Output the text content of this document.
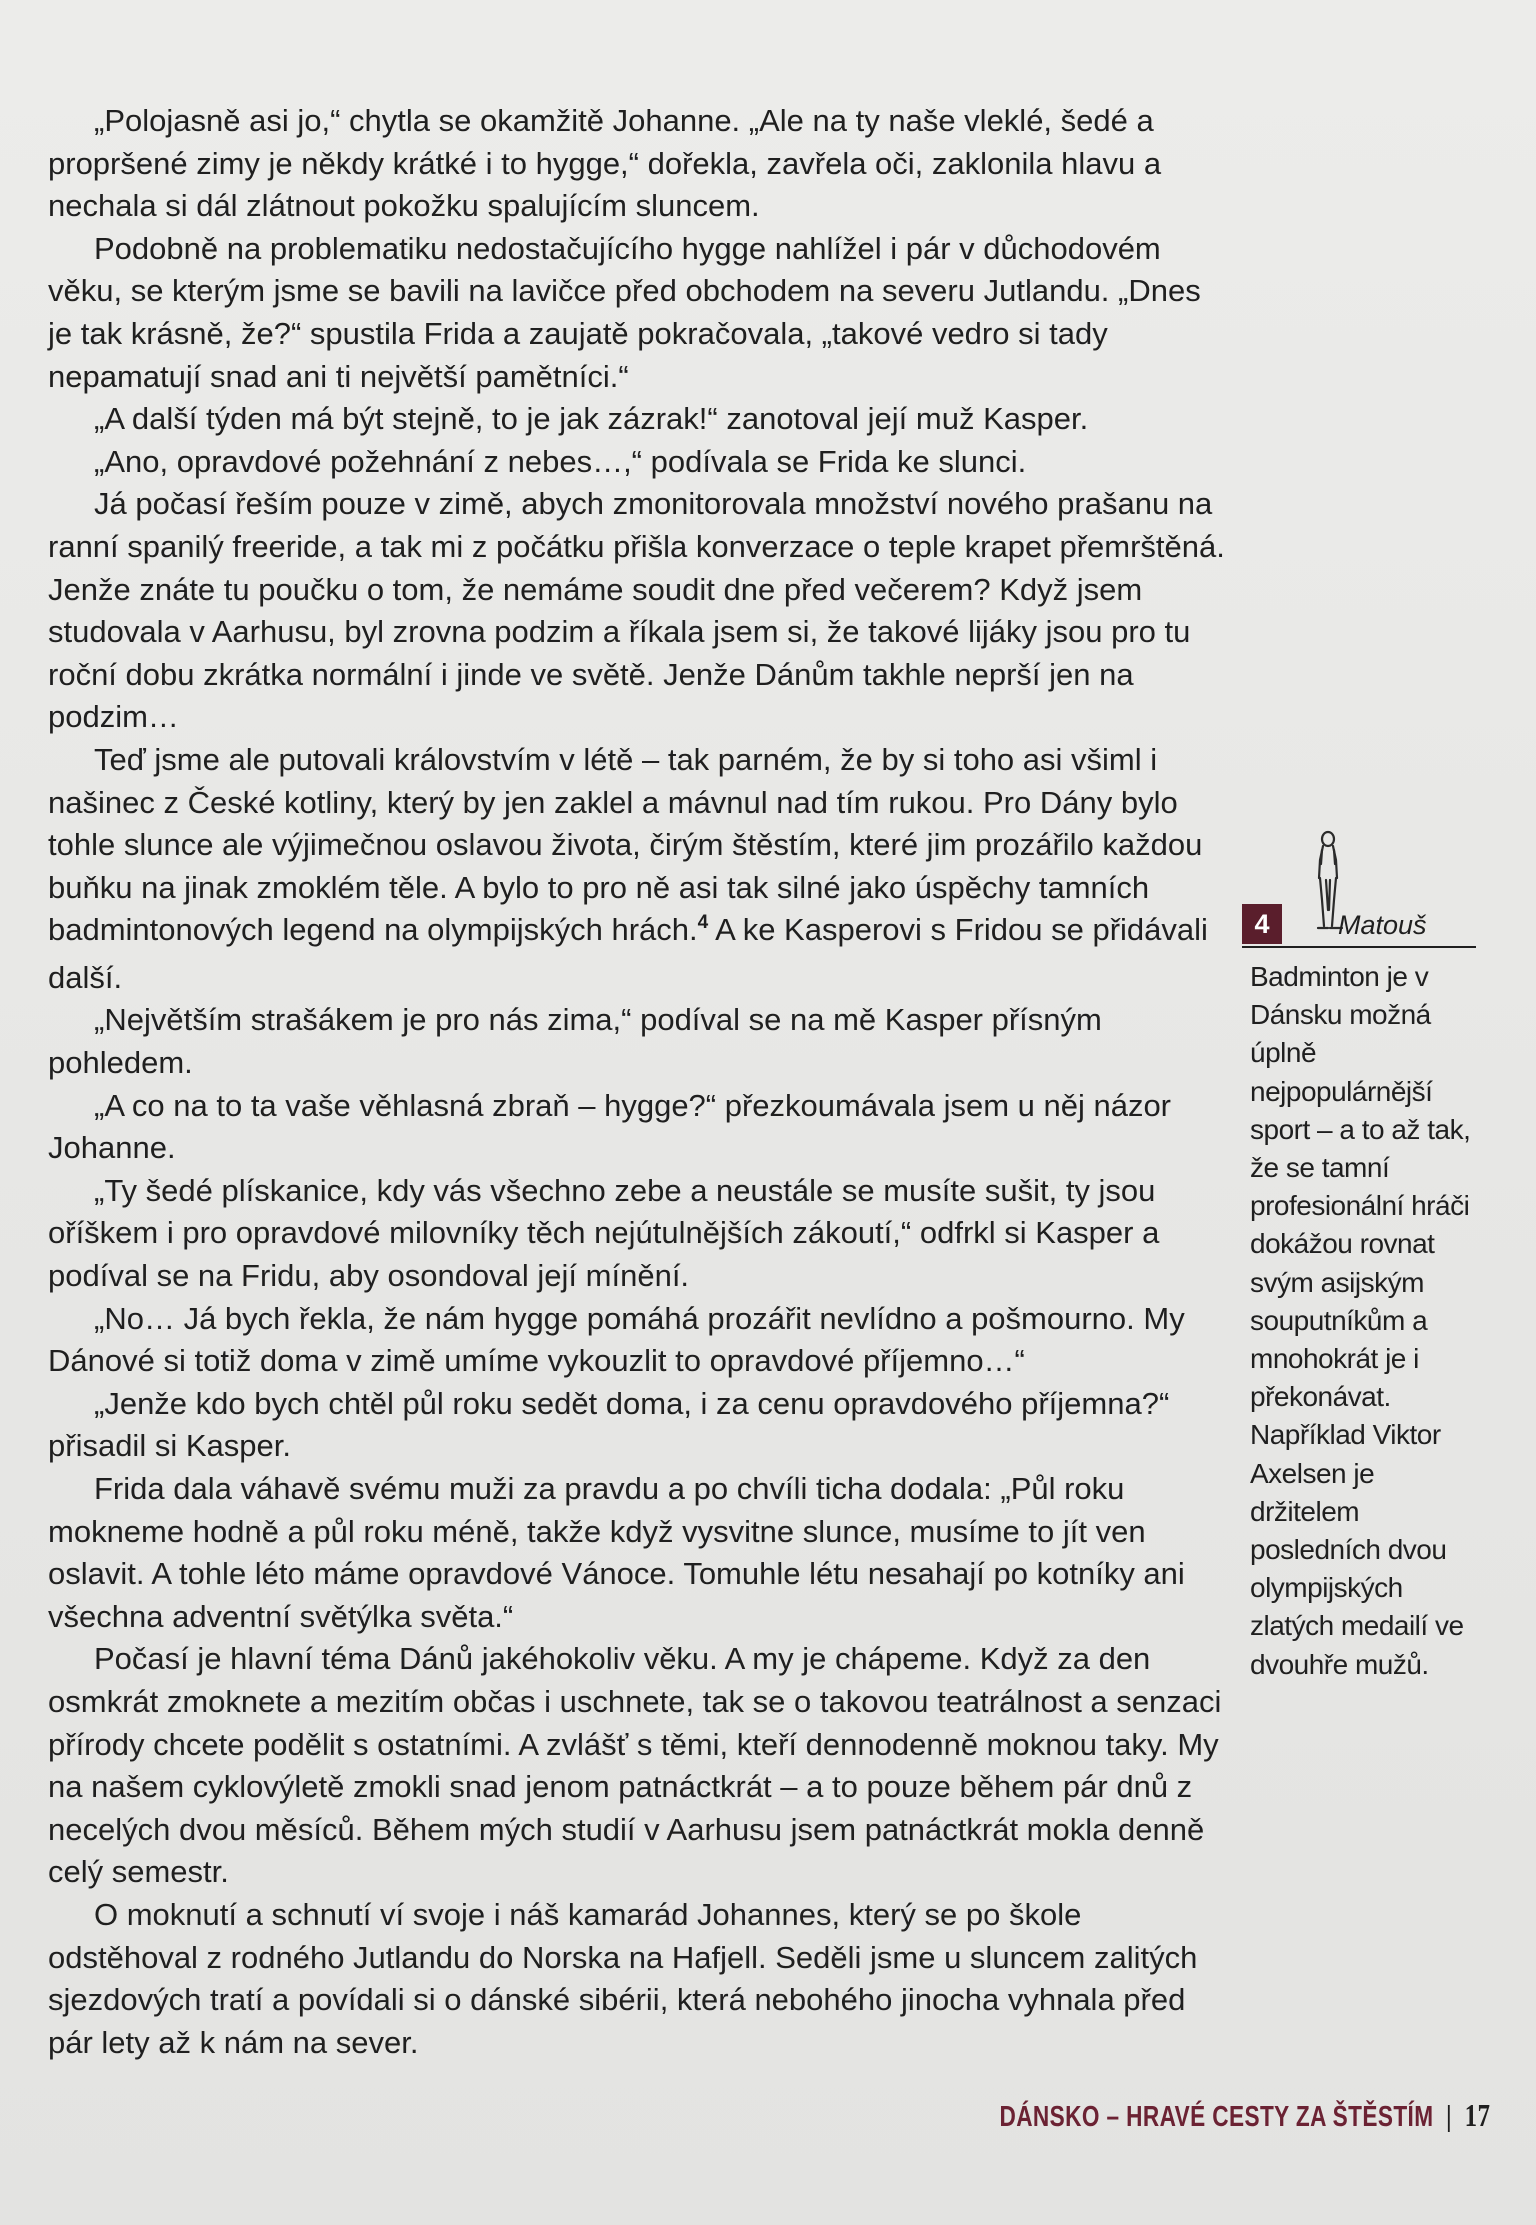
„Polojasně asi jo,“ chytla se okamžitě Johanne. „Ale na ty naše vleklé, šedé a propršené zimy je někdy krátké i to hygge,“ dořekla, zavřela oči, zaklonila hlavu a nechala si dál zlátnout pokožku spalujícím sluncem.

Podobně na problematiku nedostačujícího hygge nahlížel i pár v důchodovém věku, se kterým jsme se bavili na lavičce před obchodem na severu Jutlandu. „Dnes je tak krásně, že?“ spustila Frida a zaujatě pokračovala, „takové vedro si tady nepamatují snad ani ti největší pamětníci.“

„A další týden má být stejně, to je jak zázrak!“ zanotoval její muž Kasper.

„Ano, opravdové požehnání z nebes…,“ podívala se Frida ke slunci.

Já počasí řeším pouze v zimě, abych zmonitorovala množství nového prašanu na ranní spanilý freeride, a tak mi z počátku přišla konverzace o teple krapet přemrštěná. Jenže znáte tu poučku o tom, že nemáme soudit dne před večerem? Když jsem studovala v Aarhusu, byl zrovna podzim a říkala jsem si, že takové lijáky jsou pro tu roční dobu zkrátka normální i jinde ve světě. Jenže Dánům takhle neprší jen na podzim…

Teď jsme ale putovali královstvím v létě – tak parném, že by si toho asi všiml i našinec z České kotliny, který by jen zaklel a mávnul nad tím rukou. Pro Dány bylo tohle slunce ale výjimečnou oslavou života, čirým štěstím, které jim prozářilo každou buňku na jinak zmoklém těle. A bylo to pro ně asi tak silné jako úspěchy tamních badmintonových legend na olympijských hrách.$^4$ A ke Kasperovi s Fridou se přidávali další.

„Největším strašákem je pro nás zima,“ podíval se na mě Kasper přísným pohledem.

„A co na to ta vaše věhlasná zbraň – hygge?“ přezkoumávala jsem u něj názor Johanne.

„Ty šedé plískanice, kdy vás všechno zebe a neustále se musíte sušit, ty jsou oříškem i pro opravdové milovníky těch nejútulnějších zákoutí,“ odfrkl si Kasper a podíval se na Fridu, aby osondoval její mínění.

„No… Já bych řekla, že nám hygge pomáhá prozářit nevlídno a pošmourno. My Dánové si totiž doma v zimě umíme vykouzlit to opravdové příjemno…“

„Jenže kdo bych chtěl půl roku sedět doma, i za cenu opravdového příjemna?“ přisadil si Kasper.

Frida dala váhavě svému muži za pravdu a po chvíli ticha dodala: „Půl roku mokneme hodně a půl roku méně, takže když vysvitne slunce, musíme to jít ven oslavit. A tohle léto máme opravdové Vánoce. Tomuhle létu nesahají po kotníky ani všechna adventní světýlka světa.“

Počasí je hlavní téma Dánů jakéhokoliv věku. A my je chápeme. Když za den osmkrát zmoknete a mezitím občas i uschnete, tak se o takovou teatrálnost a senzaci přírody chcete podělit s ostatními. A zvlášť s těmi, kteří dennodenně moknou taky. My na našem cyklovýletě zmokli snad jenom patnáctkrát – a to pouze během pár dnů z necelých dvou měsíců. Během mých studií v Aarhusu jsem patnáctkrát mokla denně celý semestr.

O moknutí a schnutí ví svoje i náš kamarád Johannes, který se po škole odstěhoval z rodného Jutlandu do Norska na Hafjell. Seděli jsme u sluncem zalitých sjezdových tratí a povídali si o dánské sibérii, která nebohého jinocha vyhnala před pár lety až k nám na sever.

4	Matouš
Badminton je v Dánsku možná úplně nejpopulárnější sport – a to až tak, že se tamní profesionální hráči dokážou rovnat svým asijským souputníkům a mnohokrát je i překonávat. Například Viktor Axelsen je držitelem posledních dvou olympijských zlatých medailí ve dvouhře mužů.
DÁNSKO – HRAVÉ CESTY ZA ŠTĚSTÍM | 17
